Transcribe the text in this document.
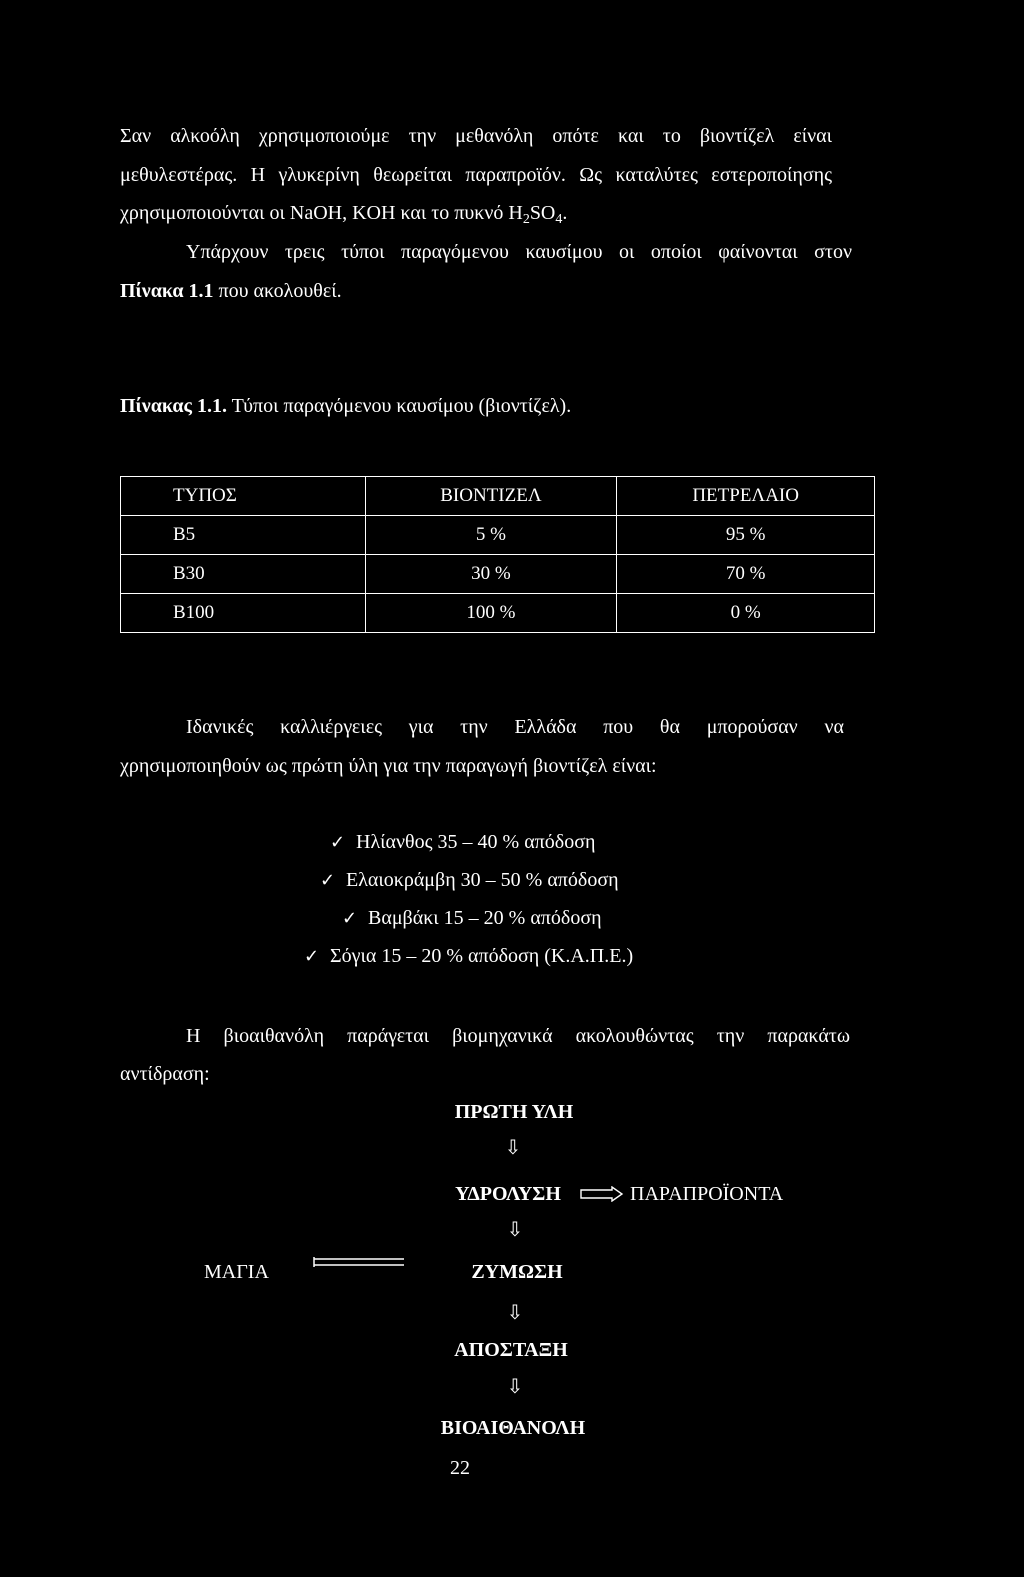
Σαν αλκοόλη χρησιμοποιούμε την μεθανόλη οπότε και το βιοντίζελ είναι
μεθυλεστέρας. Η γλυκερίνη θεωρείται παραπροϊόν. Ως καταλύτες εστεροποίησης
χρησιμοποιούνται οι NaOH, KOH και το πυκνό $H_2SO_4$.
Υπάρχουν τρεις τύποι παραγόμενου καυσίμου οι οποίοι φαίνονται στον
Πίνακα 1.1 που ακολουθεί.
Πίνακας 1.1. Τύποι παραγόμενου καυσίμου (βιοντίζελ).
ΤΥΠΟΣ	ΒΙΟΝΤΙΖΕΛ	ΠΕΤΡΕΛΑΙΟ
B5	5 %	95 %
B30	30 %	70 %
B100	100 %	0 %
Ιδανικές καλλιέργειες για την Ελλάδα που θα μπορούσαν να
χρησιμοποιηθούν ως πρώτη ύλη για την παραγωγή βιοντίζελ είναι:
✓ Ηλίανθος 35 – 40 % απόδοση
✓ Ελαιοκράμβη 30 – 50 % απόδοση
✓ Βαμβάκι 15 – 20 % απόδοση
✓ Σόγια 15 – 20 % απόδοση (Κ.Α.Π.Ε.)
Η βιοαιθανόλη παράγεται βιομηχανικά ακολουθώντας την παρακάτω
αντίδραση:
ΠΡΩΤΗ ΥΛΗ
⇩
ΥΔΡΟΛΥΣΗ	ΠΑΡΑΠΡΟΪΟΝΤΑ
⇩
ΜΑΓΙΑ	ΖΥΜΩΣΗ
⇩
ΑΠΟΣΤΑΞΗ
⇩
ΒΙΟΑΙΘΑΝΟΛΗ
22
